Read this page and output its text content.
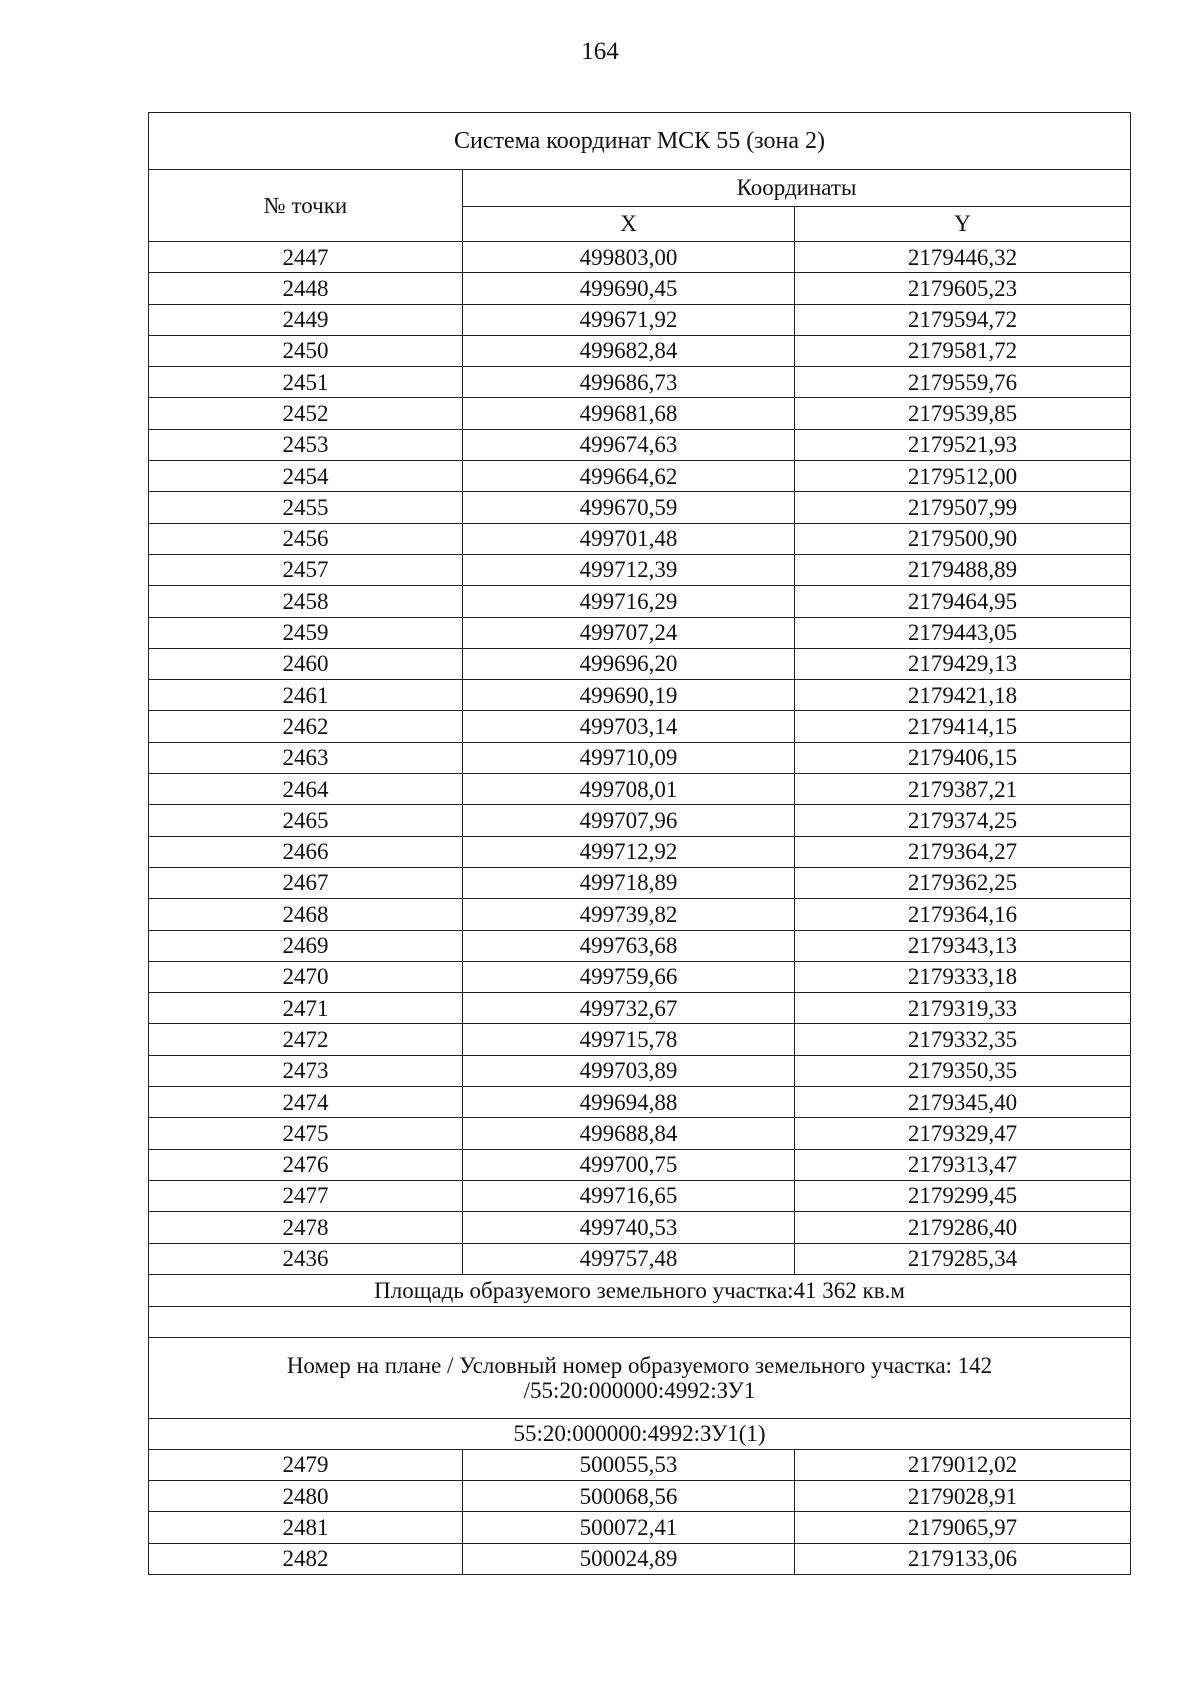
164
Система координат МСК 55 (зона 2)		
№ точки	Координаты	
	X	Y
2447	499803,00	2179446,32
2448	499690,45	2179605,23
2449	499671,92	2179594,72
2450	499682,84	2179581,72
2451	499686,73	2179559,76
2452	499681,68	2179539,85
2453	499674,63	2179521,93
2454	499664,62	2179512,00
2455	499670,59	2179507,99
2456	499701,48	2179500,90
2457	499712,39	2179488,89
2458	499716,29	2179464,95
2459	499707,24	2179443,05
2460	499696,20	2179429,13
2461	499690,19	2179421,18
2462	499703,14	2179414,15
2463	499710,09	2179406,15
2464	499708,01	2179387,21
2465	499707,96	2179374,25
2466	499712,92	2179364,27
2467	499718,89	2179362,25
2468	499739,82	2179364,16
2469	499763,68	2179343,13
2470	499759,66	2179333,18
2471	499732,67	2179319,33
2472	499715,78	2179332,35
2473	499703,89	2179350,35
2474	499694,88	2179345,40
2475	499688,84	2179329,47
2476	499700,75	2179313,47
2477	499716,65	2179299,45
2478	499740,53	2179286,40
2436	499757,48	2179285,34
Площадь образуемого земельного участка:41 362 кв.м		

Номер на плане / Условный номер образуемого земельного участка: 142 /55:20:000000:4992:ЗУ1		
55:20:000000:4992:ЗУ1(1)		
2479	500055,53	2179012,02
2480	500068,56	2179028,91
2481	500072,41	2179065,97
2482	500024,89	2179133,06
